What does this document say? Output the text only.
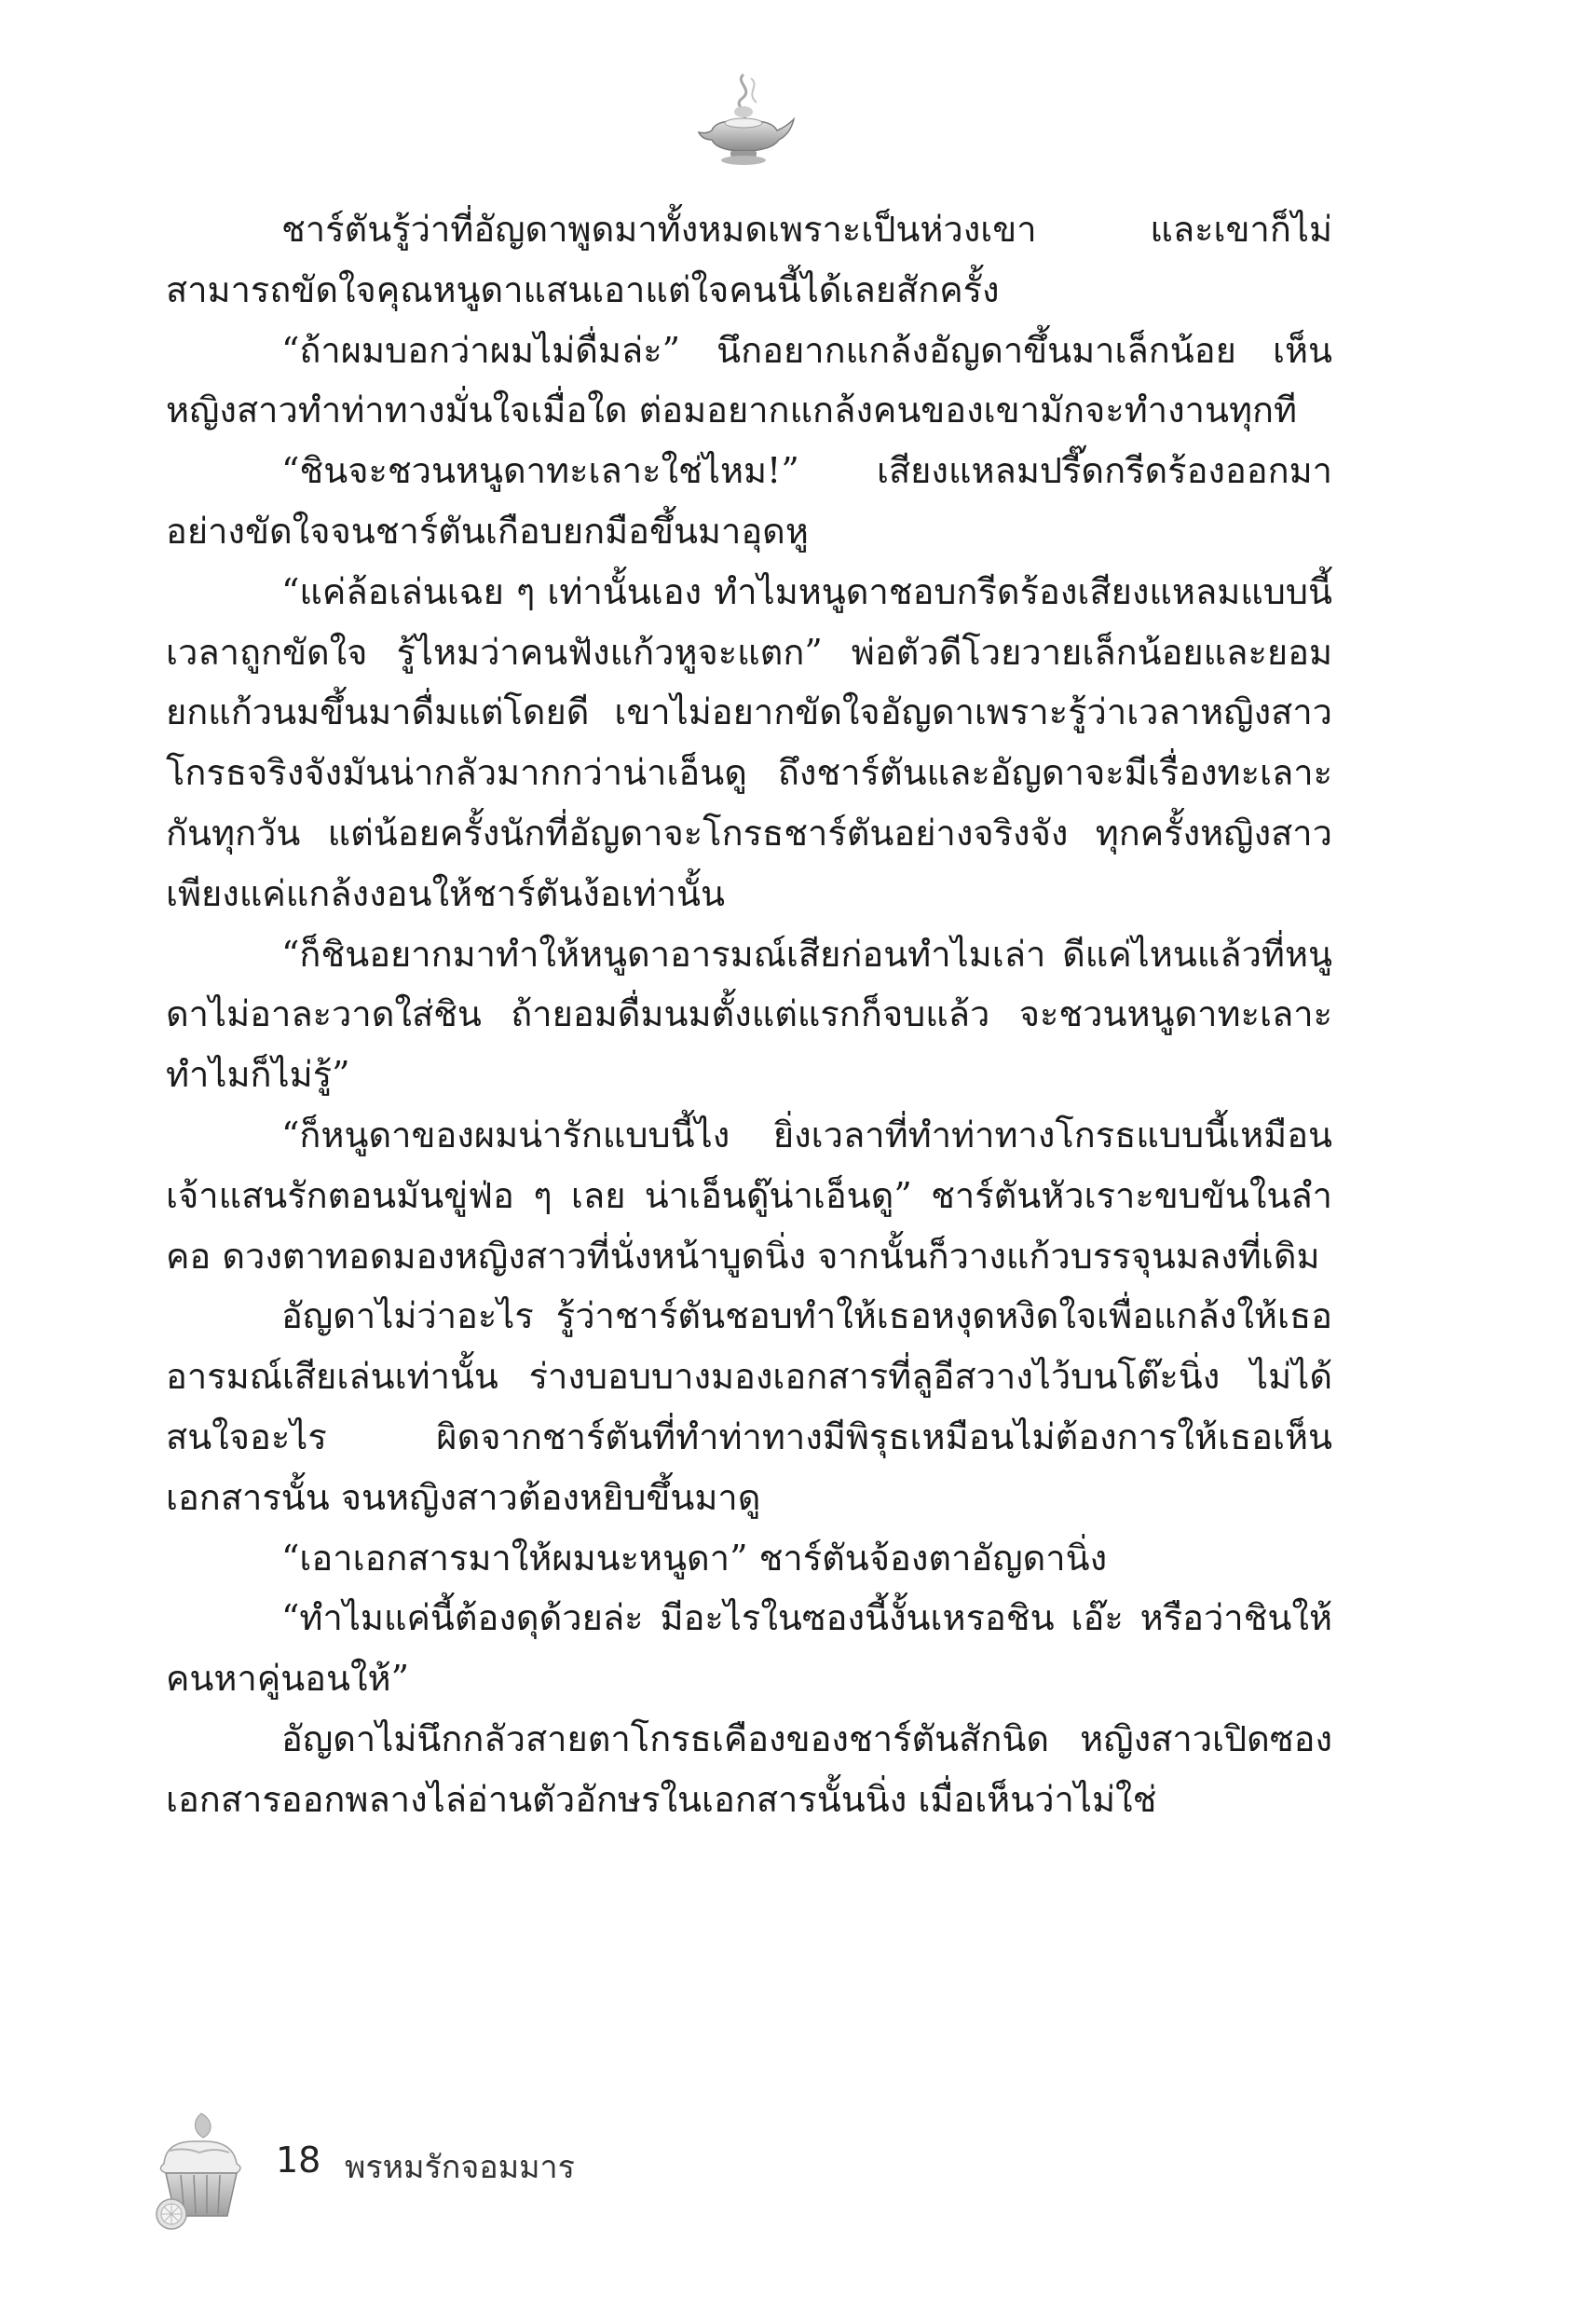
ชาร์ตันรู้ว่าที่อัญดาพูดมาทั้งหมดเพราะเป็นห่วงเขา และเขาก็ไม่สามารถขัดใจคุณหนูดาแสนเอาแต่ใจคนนี้ได้เลยสักครั้ง

“ถ้าผมบอกว่าผมไม่ดื่มล่ะ” นึกอยากแกล้งอัญดาขึ้นมาเล็กน้อย เห็นหญิงสาวทำท่าทางมั่นใจเมื่อใด ต่อมอยากแกล้งคนของเขามักจะทำงานทุกที

“ชินจะชวนหนูดาทะเลาะใช่ไหม!” เสียงแหลมปรี๊ดกรีดร้องออกมาอย่างขัดใจจนชาร์ตันเกือบยกมือขึ้นมาอุดหู

“แค่ล้อเล่นเฉย ๆ เท่านั้นเอง ทำไมหนูดาชอบกรีดร้องเสียงแหลมแบบนี้เวลาถูกขัดใจ รู้ไหมว่าคนฟังแก้วหูจะแตก” พ่อตัวดีโวยวายเล็กน้อยและยอมยกแก้วนมขึ้นมาดื่มแต่โดยดี เขาไม่อยากขัดใจอัญดาเพราะรู้ว่าเวลาหญิงสาวโกรธจริงจังมันน่ากลัวมากกว่าน่าเอ็นดู ถึงชาร์ตันและอัญดาจะมีเรื่องทะเลาะกันทุกวัน แต่น้อยครั้งนักที่อัญดาจะโกรธชาร์ตันอย่างจริงจัง ทุกครั้งหญิงสาวเพียงแค่แกล้งงอนให้ชาร์ตันง้อเท่านั้น

“ก็ชินอยากมาทำให้หนูดาอารมณ์เสียก่อนทำไมเล่า ดีแค่ไหนแล้วที่หนูดาไม่อาละวาดใส่ชิน ถ้ายอมดื่มนมตั้งแต่แรกก็จบแล้ว จะชวนหนูดาทะเลาะทำไมก็ไม่รู้”

“ก็หนูดาของผมน่ารักแบบนี้ไง ยิ่งเวลาที่ทำท่าทางโกรธแบบนี้เหมือนเจ้าแสนรักตอนมันขู่ฟ่อ ๆ เลย น่าเอ็นดู๊น่าเอ็นดู” ชาร์ตันหัวเราะขบขันในลำคอ ดวงตาทอดมองหญิงสาวที่นั่งหน้าบูดนิ่ง จากนั้นก็วางแก้วบรรจุนมลงที่เดิม

อัญดาไม่ว่าอะไร รู้ว่าชาร์ตันชอบทำให้เธอหงุดหงิดใจเพื่อแกล้งให้เธออารมณ์เสียเล่นเท่านั้น ร่างบอบบางมองเอกสารที่ลูอีสวางไว้บนโต๊ะนิ่ง ไม่ได้สนใจอะไร ผิดจากชาร์ตันที่ทำท่าทางมีพิรุธเหมือนไม่ต้องการให้เธอเห็นเอกสารนั้น จนหญิงสาวต้องหยิบขึ้นมาดู

“เอาเอกสารมาให้ผมนะหนูดา” ชาร์ตันจ้องตาอัญดานิ่ง

“ทำไมแค่นี้ต้องดุด้วยล่ะ มีอะไรในซองนี้งั้นเหรอชิน เอ๊ะ หรือว่าชินให้คนหาคู่นอนให้”

อัญดาไม่นึกกลัวสายตาโกรธเคืองของชาร์ตันสักนิด หญิงสาวเปิดซองเอกสารออกพลางไล่อ่านตัวอักษรในเอกสารนั้นนิ่ง เมื่อเห็นว่าไม่ใช่

18 พรหมรักจอมมาร
